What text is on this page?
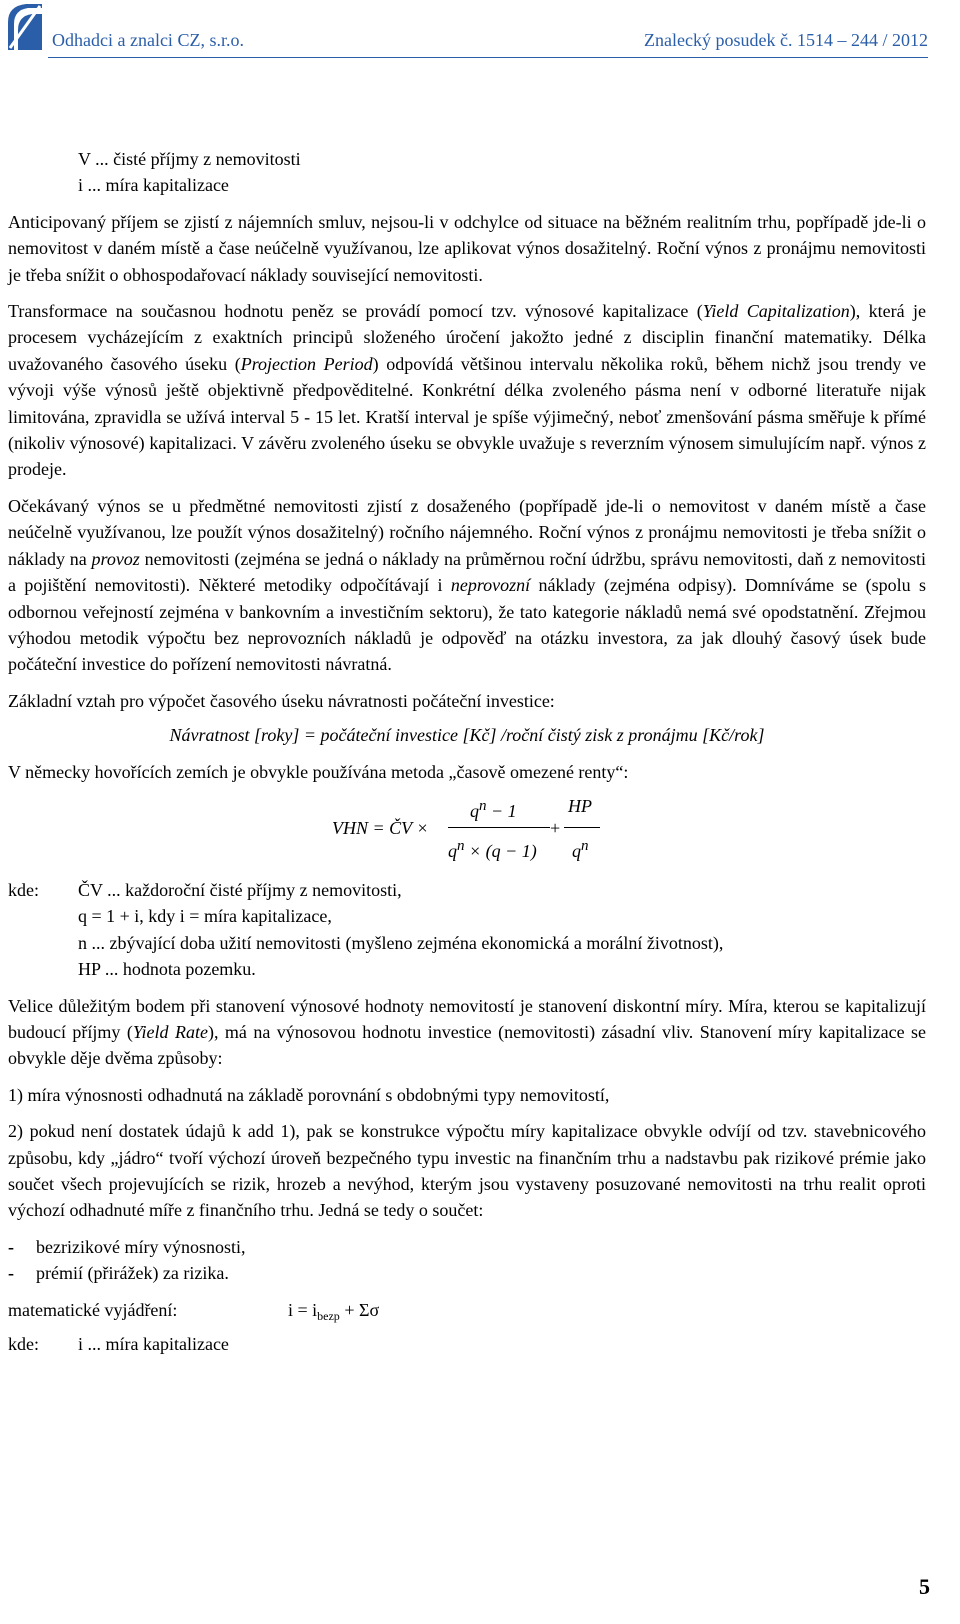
Odhadci a znalci CZ, s.r.o.	Znalecký posudek č. 1514 – 244 / 2012

V ... čisté příjmy z nemovitosti

i ... míra kapitalizace

Anticipovaný příjem se zjistí z nájemních smluv, nejsou-li v odchylce od situace na běžném realitním trhu, popřípadě jde-li o nemovitost v daném místě a čase neúčelně využívanou, lze aplikovat výnos dosažitelný. Roční výnos z pronájmu nemovitosti je třeba snížit o obhospodařovací náklady související nemovitosti.

Transformace na současnou hodnotu peněz se provádí pomocí tzv. výnosové kapitalizace (Yield Capitalization), která je procesem vycházejícím z exaktních principů složeného úročení jakožto jedné z disciplin finanční matematiky. Délka uvažovaného časového úseku (Projection Period) odpovídá většinou intervalu několika roků, během nichž jsou trendy ve vývoji výše výnosů ještě objektivně předpověditelné. Konkrétní délka zvoleného pásma není v odborné literatuře nijak limitována, zpravidla se užívá interval 5 - 15 let. Kratší interval je spíše výjimečný, neboť zmenšování pásma směřuje k přímé (nikoliv výnosové) kapitalizaci. V závěru zvoleného úseku se obvykle uvažuje s reverzním výnosem simulujícím např. výnos z prodeje.

Očekávaný výnos se u předmětné nemovitosti zjistí z dosaženého (popřípadě jde-li o nemovitost v daném místě a čase neúčelně využívanou, lze použít výnos dosažitelný) ročního nájemného. Roční výnos z pronájmu nemovitosti je třeba snížit o náklady na provoz nemovitosti (zejména se jedná o náklady na průměrnou roční údržbu, správu nemovitosti, daň z nemovitosti a pojištění nemovitosti). Některé metodiky odpočítávají i neprovozní náklady (zejména odpisy). Domníváme se (spolu s odbornou veřejností zejména v bankovním a investičním sektoru), že tato kategorie nákladů nemá své opodstatnění. Zřejmou výhodou metodik výpočtu bez neprovozních nákladů je odpověď na otázku investora, za jak dlouhý časový úsek bude počáteční investice do pořízení nemovitosti návratná.

Základní vztah pro výpočet časového úseku návratnosti počáteční investice:

Návratnost [roky] = počáteční investice [Kč] /roční čistý zisk z pronájmu [Kč/rok]

V německy hovořících zemích je obvykle používána metoda „časově omezené renty“:

VHN = ČV ×
$q^n - 1$
$q^n \times (q - 1)$
+
HP
$q^n$
kde:	ČV ... každoroční čisté příjmy z nemovitosti,
	q = 1 + i, kdy i = míra kapitalizace,
	n ... zbývající doba užití nemovitosti (myšleno zejména ekonomická a morální životnost),
	HP ... hodnota pozemku.

Velice důležitým bodem při stanovení výnosové hodnoty nemovitostí je stanovení diskontní míry. Míra, kterou se kapitalizují budoucí příjmy (Yield Rate), má na výnosovou hodnotu investice (nemovitosti) zásadní vliv. Stanovení míry kapitalizace se obvykle děje dvěma způsoby:

1) míra výnosnosti odhadnutá na základě porovnání s obdobnými typy nemovitostí,

2) pokud není dostatek údajů k add 1), pak se konstrukce výpočtu míry kapitalizace obvykle odvíjí od tzv. stavebnicového způsobu, kdy „jádro“ tvoří výchozí úroveň bezpečného typu investic na finančním trhu a nadstavbu pak rizikové prémie jako součet všech projevujících se rizik, hrozeb a nevýhod, kterým jsou vystaveny posuzované nemovitosti na trhu realit oproti výchozí odhadnuté míře z finančního trhu. Jedná se tedy o součet:

- bezrizikové míry výnosnosti,

- prémií (přirážek) za rizika.

matematické vyjádření:	$i = i_{bezp} + \Sigma\sigma$
kde:	i ... míra kapitalizace
5
